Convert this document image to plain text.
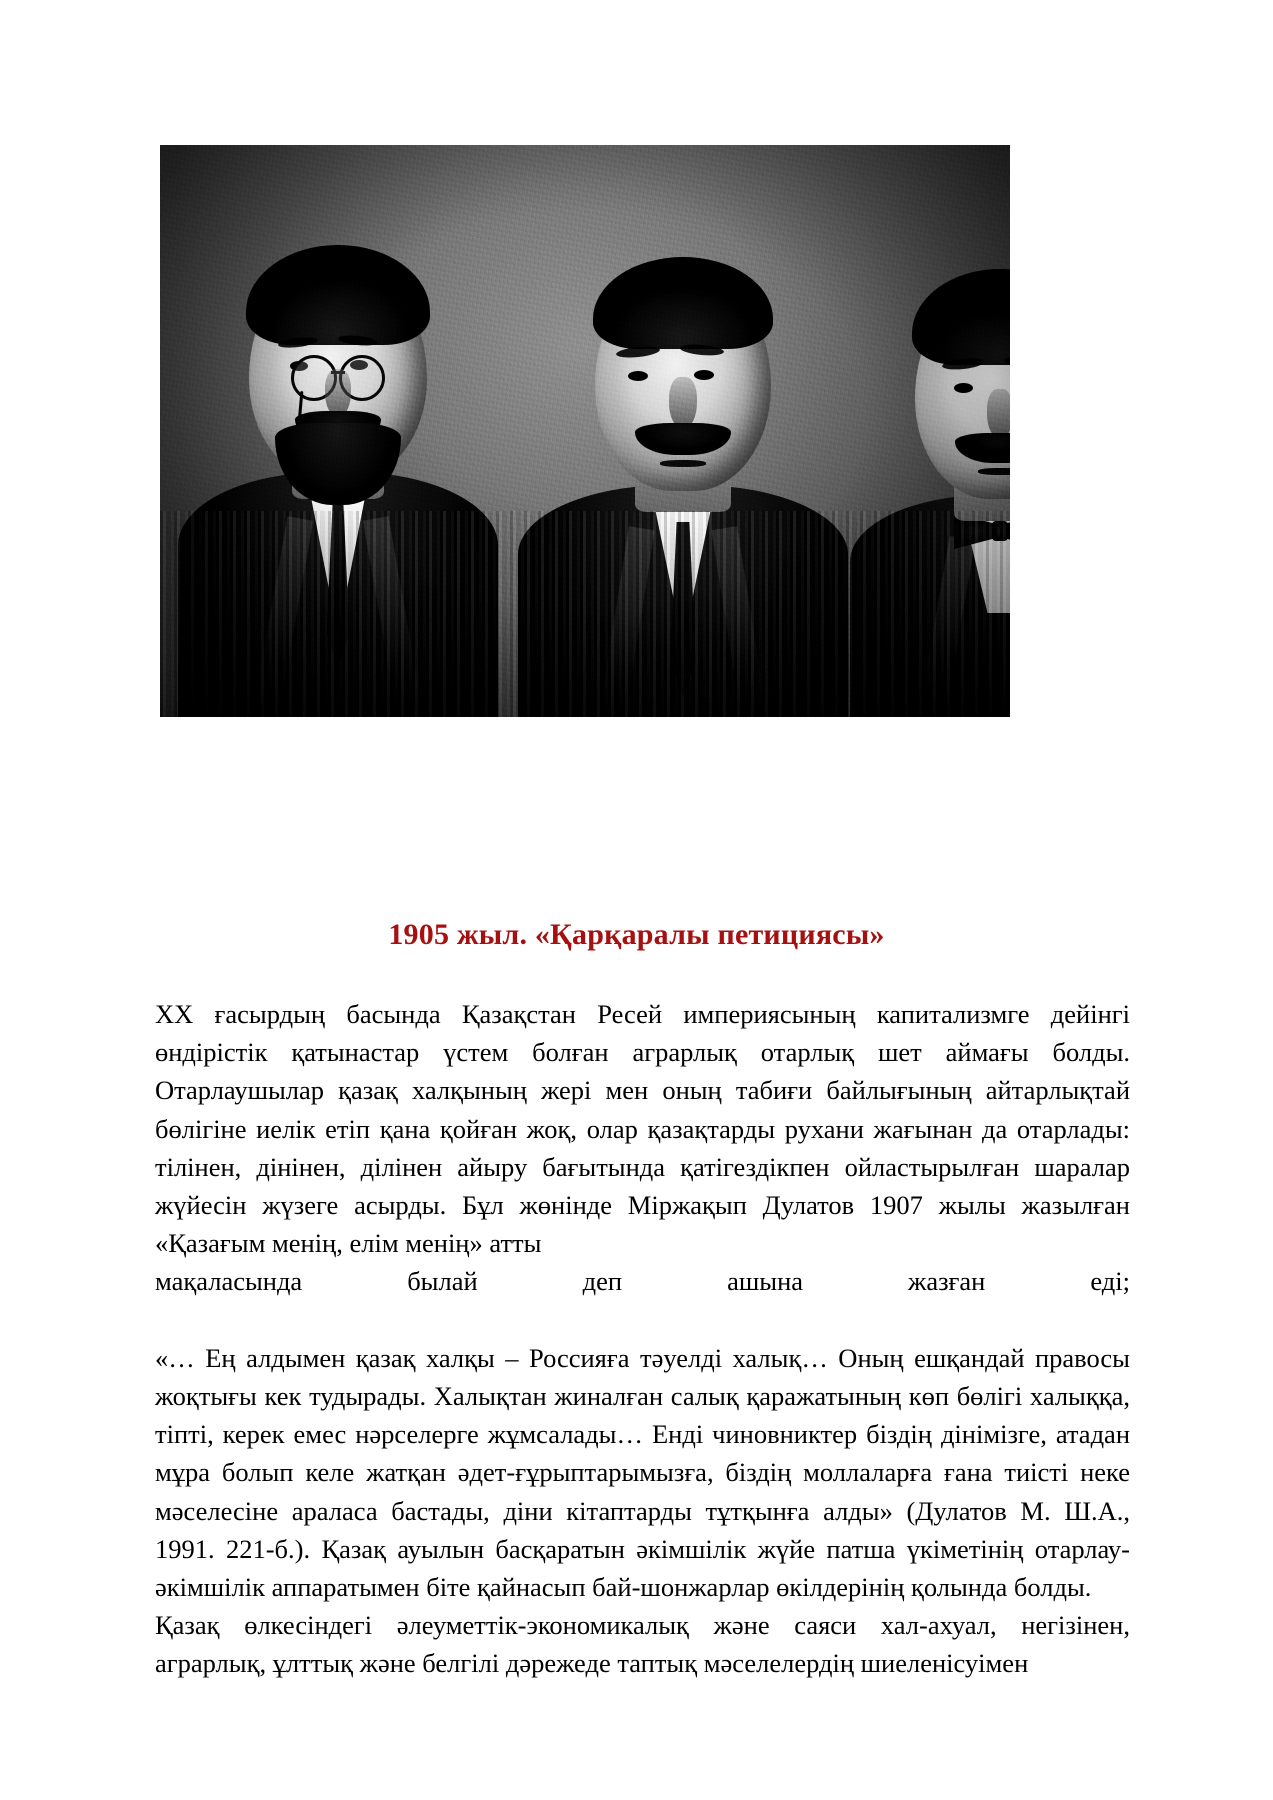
1905 жыл. «Қарқаралы петициясы»

ХХ ғасырдың басында Қазақстан Ресей империясының капитализмге дейінгі өндірістік қатынастар үстем болған аграрлық отарлық шет аймағы болды. Отарлаушылар қазақ халқының жері мен оның табиғи байлығының айтарлықтай бөлігіне иелік етіп қана қойған жоқ, олар қазақтарды рухани жағынан да отарлады: тілінен, дінінен, ділінен айыру бағытында қатігездікпен ойластырылған шаралар жүйесін жүзеге асырды. Бұл жөнінде Міржақып Дулатов 1907 жылы жазылған «Қазағым менің, елім менің» атты

мақаласында былай деп ашына жазған еді;

«… Ең алдымен қазақ халқы – Россияға тәуелді халық… Оның ешқандай правосы жоқтығы кек тудырады. Халықтан жиналған салық қаражатының көп бөлігі халыққа, тіпті, керек емес нәрселерге жұмсалады… Енді чиновниктер біздің дінімізге, атадан мұра болып келе жатқан әдет-ғұрыптарымызға, біздің моллаларға ғана тиісті неке мәселесіне араласа бастады, діни кітаптарды тұтқынға алды» (Дулатов М. Ш.А., 1991. 221-б.). Қазақ ауылын басқаратын әкімшілік жүйе патша үкіметінің отарлау-әкімшілік аппаратымен біте қайнасып бай-шонжарлар өкілдерінің қолында болды.

Қазақ өлкесіндегі әлеуметтік-экономикалық және саяси хал-ахуал, негізінен, аграрлық, ұлттық және белгілі дәрежеде таптық мәселелердің шиеленісуімен
